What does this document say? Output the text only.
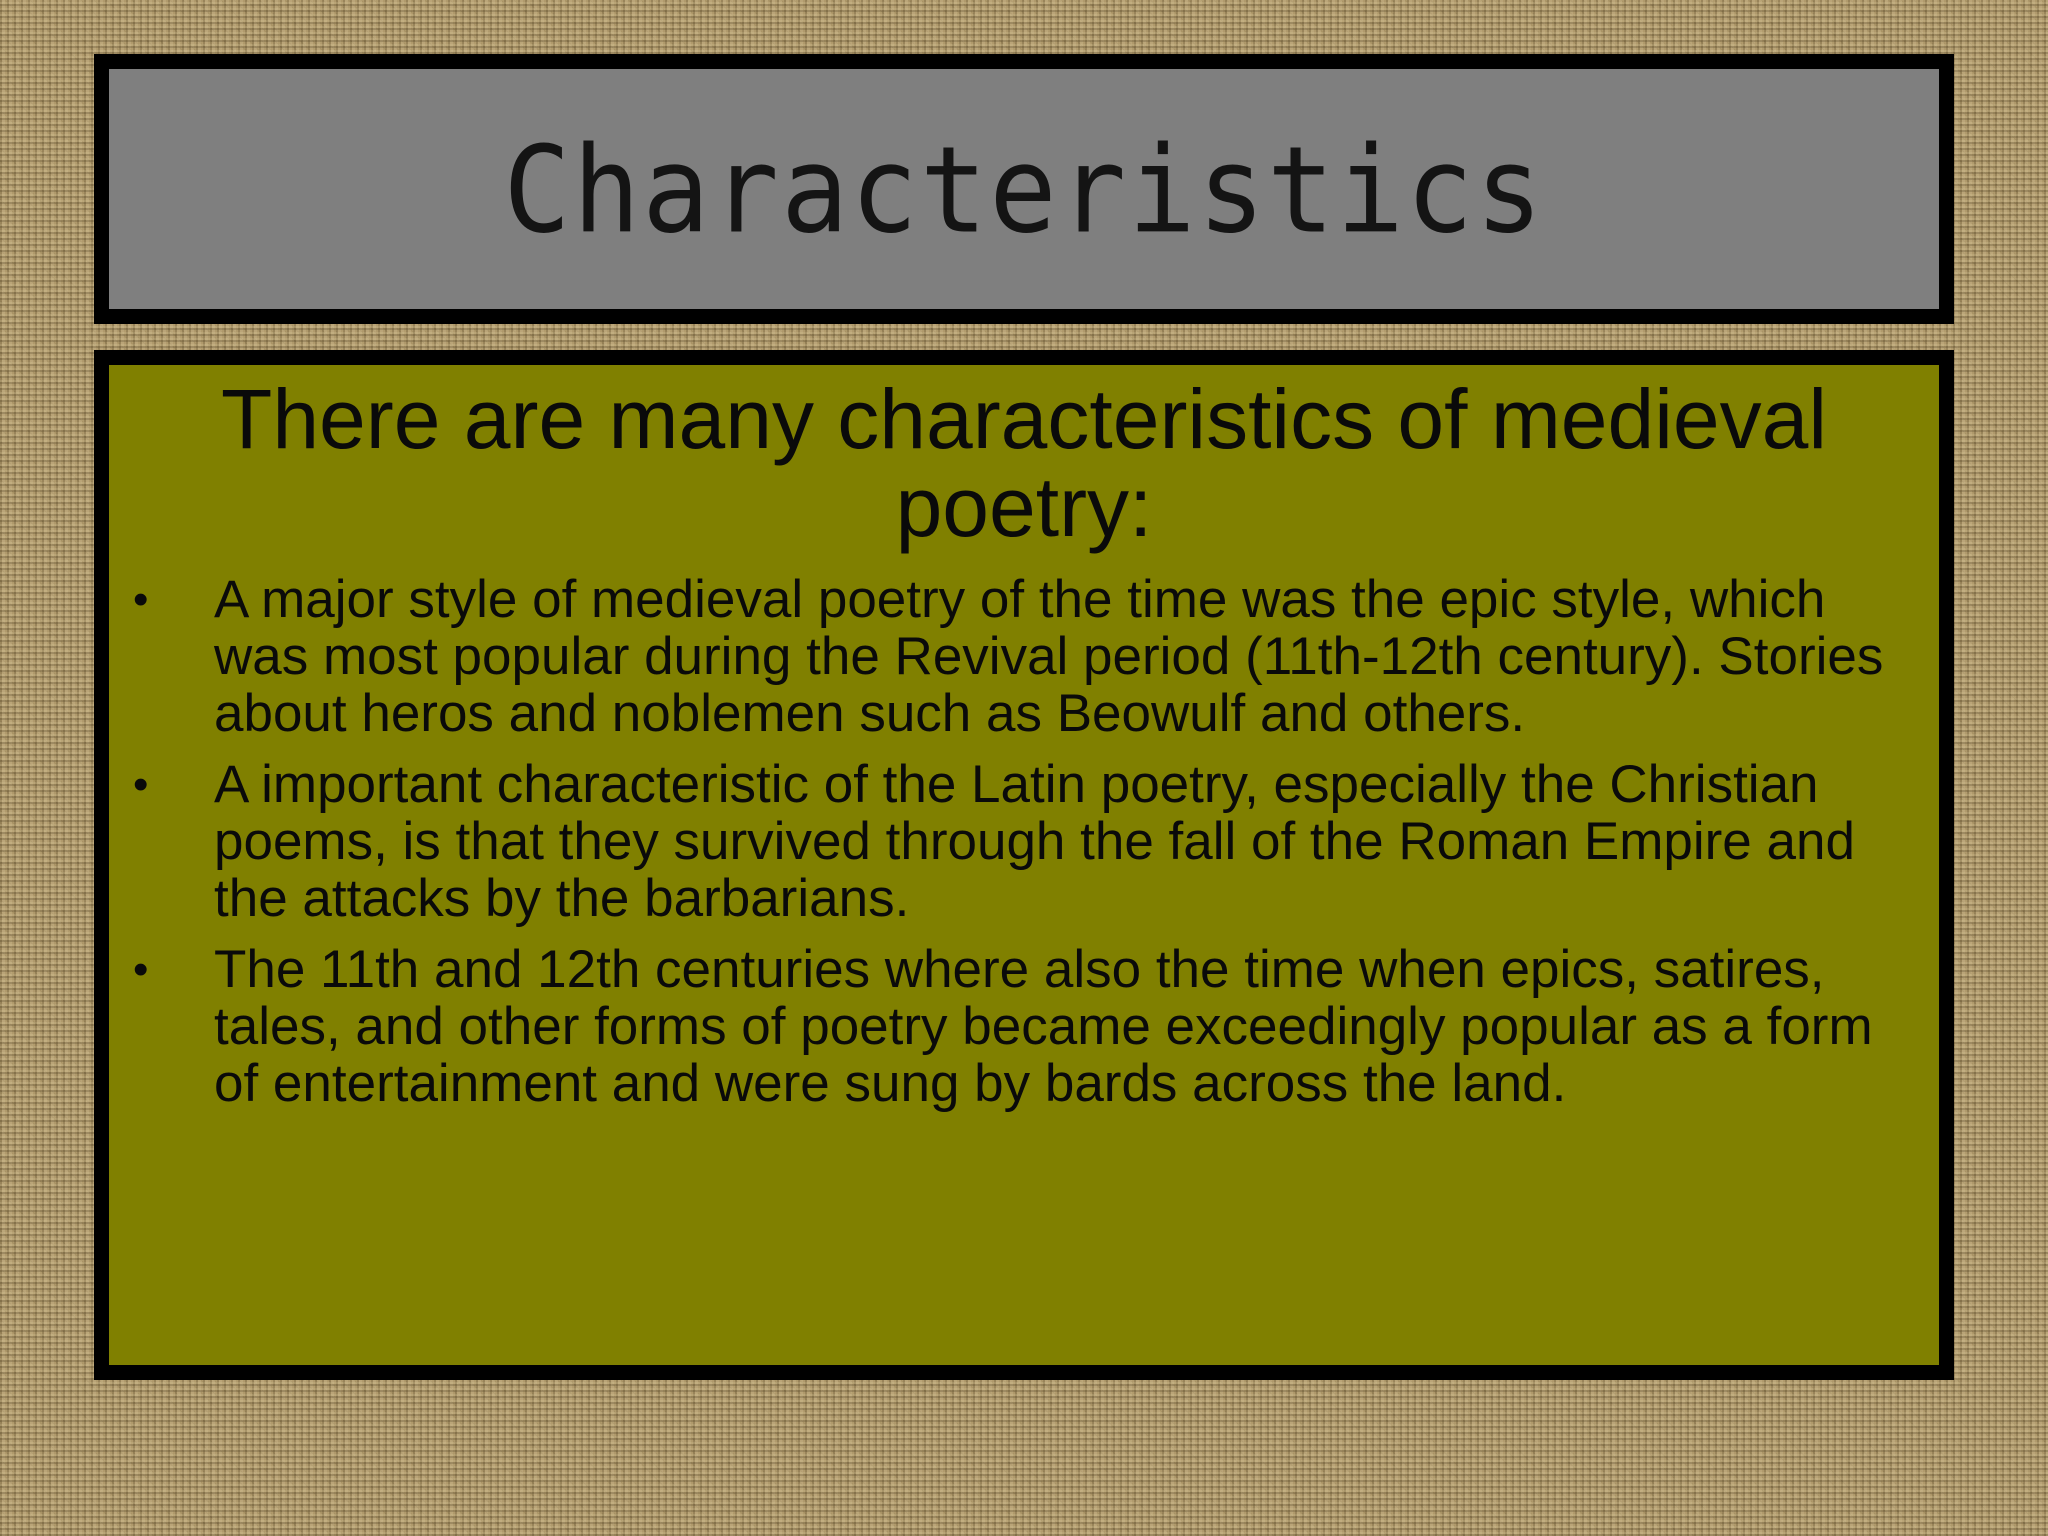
Characteristics
There are many characteristics of medieval poetry:
• A major style of medieval poetry of the time was the epic style, which was most popular during the Revival period (11th-12th century). Stories about heros and noblemen such as Beowulf and others.
• A important characteristic of the Latin poetry, especially the Christian poems, is that they survived through the fall of the Roman Empire and the attacks by the barbarians.
• The 11th and 12th centuries where also the time when epics, satires, tales, and other forms of poetry became exceedingly popular as a form of entertainment and were sung by bards across the land.
